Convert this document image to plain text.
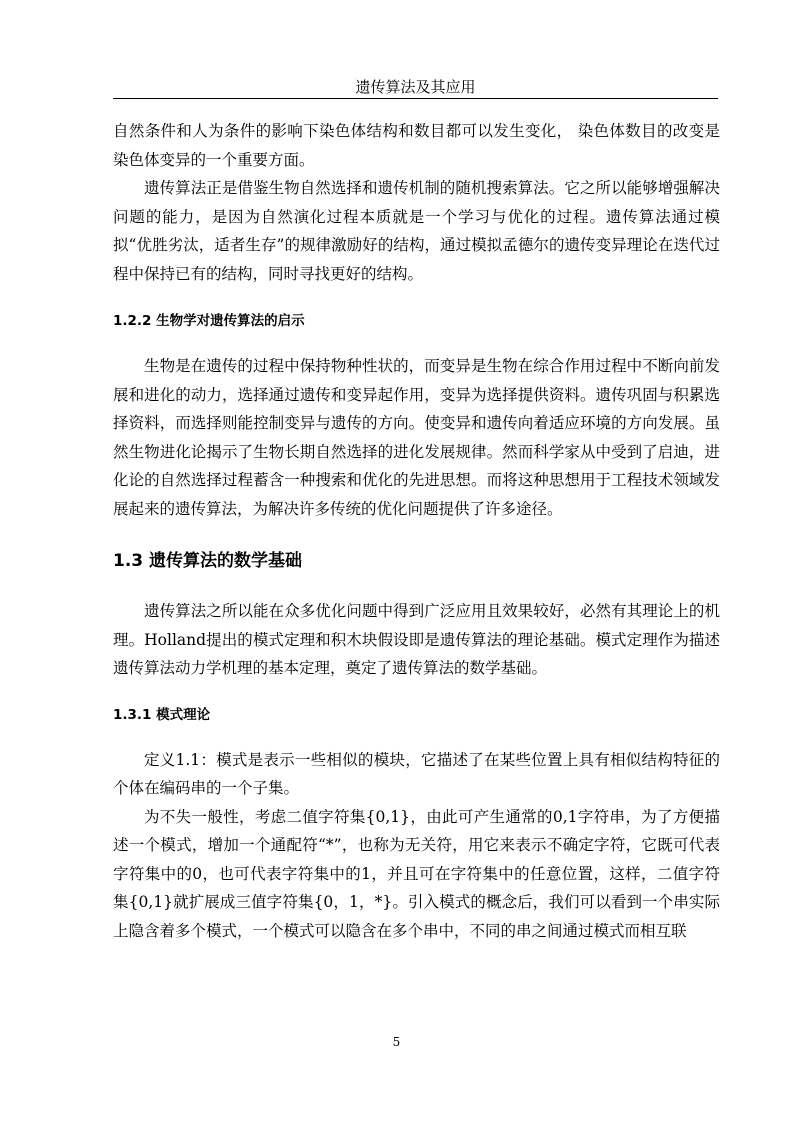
遗传算法及其应用

自然条件和人为条件的影响下染色体结构和数目都可以发生变化， 染色体数目的改变是染色体变异的一个重要方面。

遗传算法正是借鉴生物自然选择和遗传机制的随机搜索算法。它之所以能够增强解决问题的能力，是因为自然演化过程本质就是一个学习与优化的过程。遗传算法通过模拟“优胜劣汰，适者生存”的规律激励好的结构，通过模拟孟德尔的遗传变异理论在迭代过程中保持已有的结构，同时寻找更好的结构。

1.2.2 生物学对遗传算法的启示

生物是在遗传的过程中保持物种性状的，而变异是生物在综合作用过程中不断向前发展和进化的动力，选择通过遗传和变异起作用，变异为选择提供资料。遗传巩固与积累选择资料，而选择则能控制变异与遗传的方向。使变异和遗传向着适应环境的方向发展。虽然生物进化论揭示了生物长期自然选择的进化发展规律。然而科学家从中受到了启迪，进化论的自然选择过程蓄含一种搜索和优化的先进思想。而将这种思想用于工程技术领域发展起来的遗传算法，为解决许多传统的优化问题提供了许多途径。

1.3 遗传算法的数学基础

遗传算法之所以能在众多优化问题中得到广泛应用且效果较好，必然有其理论上的机理。Holland提出的模式定理和积木块假设即是遗传算法的理论基础。模式定理作为描述遗传算法动力学机理的基本定理，奠定了遗传算法的数学基础。

1.3.1 模式理论

定义1.1：模式是表示一些相似的模块，它描述了在某些位置上具有相似结构特征的个体在编码串的一个子集。

为不失一般性，考虑二值字符集{0,1}，由此可产生通常的0,1字符串，为了方便描述一个模式，增加一个通配符“*”，也称为无关符，用它来表示不确定字符，它既可代表字符集中的0，也可代表字符集中的1，并且可在字符集中的任意位置，这样，二值字符集{0,1}就扩展成三值字符集{0，1，*}。引入模式的概念后，我们可以看到一个串实际上隐含着多个模式，一个模式可以隐含在多个串中，不同的串之间通过模式而相互联

5
